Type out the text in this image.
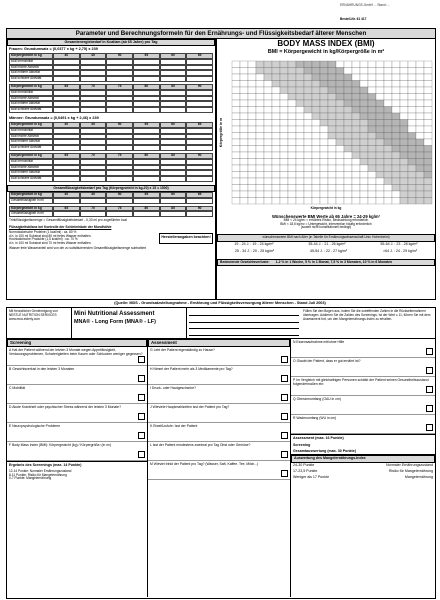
ERNÄHRUNGS-GmbH ... Stand: ...
Bestell-Nr. 61 417
Parameter und Berechnungsformeln für den Ernährungs- und Flüssigkeitsbedarf älterer Menschen
Gesamtenergiebedarf in Kcal/am (ab 65 Jahre) pro Tag
Frauen: Grundumsatz = (0,0377 x kg + 2,75) x 239
Körpergewicht in kg	40	45	50	55	60	65
kcal Immobilität
kcal leichte Aktivität
kcal mittlere Aktivität
kcal schwere Aktivität
Körpergewicht in kg	65	70	75	80	85	90
kcal Immobilität
kcal leichte Aktivität
kcal mittlere Aktivität
kcal schwere Aktivität
Männer: Grundumsatz = (0,0491 x kg + 2,46) x 239
Körpergewicht in kg	40	45	50	55	60	65
kcal Immobilität
kcal leichte Aktivität
kcal mittlere Aktivität
kcal schwere Aktivität
Körpergewicht in kg	65	70	75	80	85	90
kcal Immobilität
kcal leichte Aktivität
kcal mittlere Aktivität
kcal schwere Aktivität
Gesamtflüssigkeitsbedarf pro Tag (Körpergewicht in kg-20) x 15 = 1500)
Körpergewicht in kg	40	45	50	55	60	65
Gesamtflüssigkeit in ml
Körpergewicht in kg	65	70	75	80	85	90
Gesamtflüssigkeit in ml
Trinkflüssigkeitsmenge = Gesamtflüssigkeitsbedarf - 0,33 ml pro zugeführter kcal
Flüssigkeitsbilanz bei Kontrolle der Schleimhäute der Mundhöhle
Normokalorische Proteine (1 kcal/ml) : ca. 80 %
d.h. in 100 ml Substrat sind 80 ml freies Wasser enthalten.
Hochkalorische Produkte (1,5 kcal/ml) : ca. 70 %
d.h. in 100 ml Substrat sind 70 ml freies Wasser enthalten.
Herstellerangaben beachten!
Wasser freie Wasseranteil wird von der zu substituierenden Gesamtflüssigkeitsmenge subtrahiert
BODY MASS INDEX (BMI)
BMI = Körpergewicht in kg/Körpergröße in m²
Körpergröße in m
Körpergewicht in kg
Wünschenswerte BMI Werte ab 65 Jahre = 24-29 kg/m²
BMI < 24 kg/m² = erhöhtes Risiko, Beobachtung erforderlich
BMI < 18,5 kg/m² = Untergewicht, Intervention häufig erforderlich
(soweit nicht konstitutionell bedingt)
wünschenswerte BMI nach Alter (in Tabelle für Ernährungswissenschaft Univ. Hohenheim)
19 - 24 J. : 19 - 24 kg/m²	35-44 J. : 21 - 26 kg/m²	55-64 J. : 23 - 28 kg/m²
25 - 34 J. : 20 - 25 kg/m²	45-54 J. : 22 - 27 kg/m²	>64 J. : 24 - 29 kg/m²
Bedeutende Gewichtsverluste: 1-2 % in 1 Woche, 5 % in 1 Monat, 7,5 % in 3 Monaten, 10 % in 6 Monaten
(Quelle: MDS - Grundsatzstellungnahme - Ernährung und Flüssigkeitsversorgung älterer Menschen - Stand Juli 2003)
Mit freundlicher Genehmigung von NESTLÉ NUTRITION SERVICES www.mna-elderly.com
Mini Nutritional Assessment
MNA® - Long Form (MNA® - LF)
Füllen Sie den Bogen aus, indem Sie die zutreffenden Zahlen in die Rückseitenrahmen übertragen. Addieren Sie die Zahlen des Screenings. Ist der Wert ≤ 11, führen Sie mit dem Assessment fort, um den Mangelernährungs-Index zu erhalten.
Screening
A Hat der Patient während der letzten 3 Monate wegen Appetitlosigkeit, Verdauungsproblemen, Schwierigkeiten beim Kauen oder Schlucken weniger gegessen?
B Gewichtsverlust in den letzten 3 Monaten
C Mobilität
D Akute Krankheit oder psychischer Stress während der letzten 3 Monate?
E Neuropsychologische Probleme
F Body Mass Index (BMI): Körpergewicht (kg) / Körpergröße² (in m²)
Ergebnis des Screenings (max. 14 Punkte)
12-14 Punkte: Normaler Ernährungszustand
8-11 Punkte: Risiko für Mangelernährung
0-7 Punkte: Mangelernährung
Assessment
G Lebt der Patient eigenständig zu Hause?
H Nimmt der Patient mehr als 3 Medikamente pro Tag?
I Druck- oder Hautgeschwüre?
J Wieviele Hauptmahlzeiten isst der Patient pro Tag?
K Eiweißzufuhr: Isst der Patient
L Isst der Patient mindestens zweimal pro Tag Obst oder Gemüse?
M Wieviel trinkt der Patient pro Tag? (Wasser, Saft, Kaffee, Tee, Milch...)
N Essensaufnahme mit/ohne Hilfe
O Glaubt der Patient, dass er gut ernährt ist?
P Im Vergleich mit gleichaltrigen Personen schätzt der Patient seinen Gesundheitszustand folgendermaßen ein:
Q Oberarmumfang (OAU in cm)
R Wadenumfang (WU in cm)
Assessment (max. 16 Punkte)
Screening
Gesamtauswertung (max. 30 Punkte)
Auswertung des Mangelernährungs-Index
24-30 Punkte	Normaler Ernährungszustand
17-23,5 Punkte	Risiko für Mangelernährung
Weniger als 17 Punkte	Mangelernährung
